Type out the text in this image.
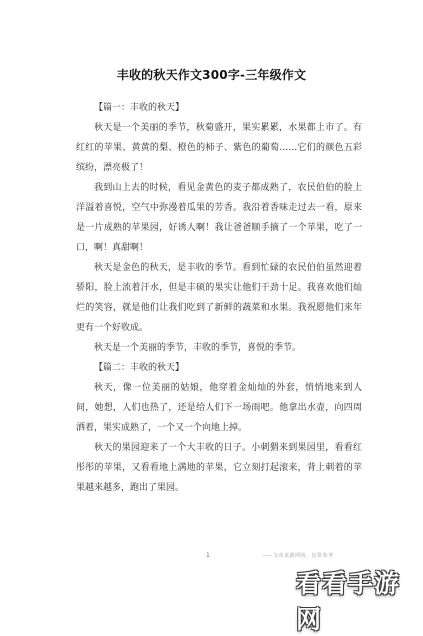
丰收的秋天作文300字-三年级作文

【篇一：丰收的秋天】

秋天是一个美丽的季节，秋菊盛开，果实累累，水果都上市了。有红红的苹果、黄黄的梨、橙色的柿子、紫色的葡萄……它们的颜色五彩缤纷，漂亮极了！

我到山上去的时候，看见金黄色的麦子都成熟了，农民伯伯的脸上洋溢着喜悦，空气中弥漫着瓜果的芳香。我沿着香味走过去一看，原来是一片成熟的苹果园，好诱人啊！我让爸爸顺手摘了一个苹果，吃了一口，啊！真甜啊！

秋天是金色的秋天，是丰收的季节。看到忙碌的农民伯伯虽然迎着骄阳，脸上流着汗水，但是丰硕的果实让他们干劲十足。我喜欢他们灿烂的笑容，就是他们让我们吃到了新鲜的蔬菜和水果。我祝愿他们来年更有一个好收成。

秋天是一个美丽的季节，丰收的季节，喜悦的季节。

【篇二：丰收的秋天】

秋天，像一位美丽的姑娘，他穿着金灿灿的外套，悄悄地来到人间，她想，人们也热了，还是给人们下一场雨吧。他拿出水壶，向四周洒着，果实成熟了，一个又一个向地上掉。

秋天的果园迎来了一个大丰收的日子。小刺猬来到果园里，看看红彤彤的苹果，又看看地上满地的苹果，它立刻打起滚来，背上刺着的苹果越来越多，跑出了果园。

1	——文章来源网络，仅供参考
看看手游网
